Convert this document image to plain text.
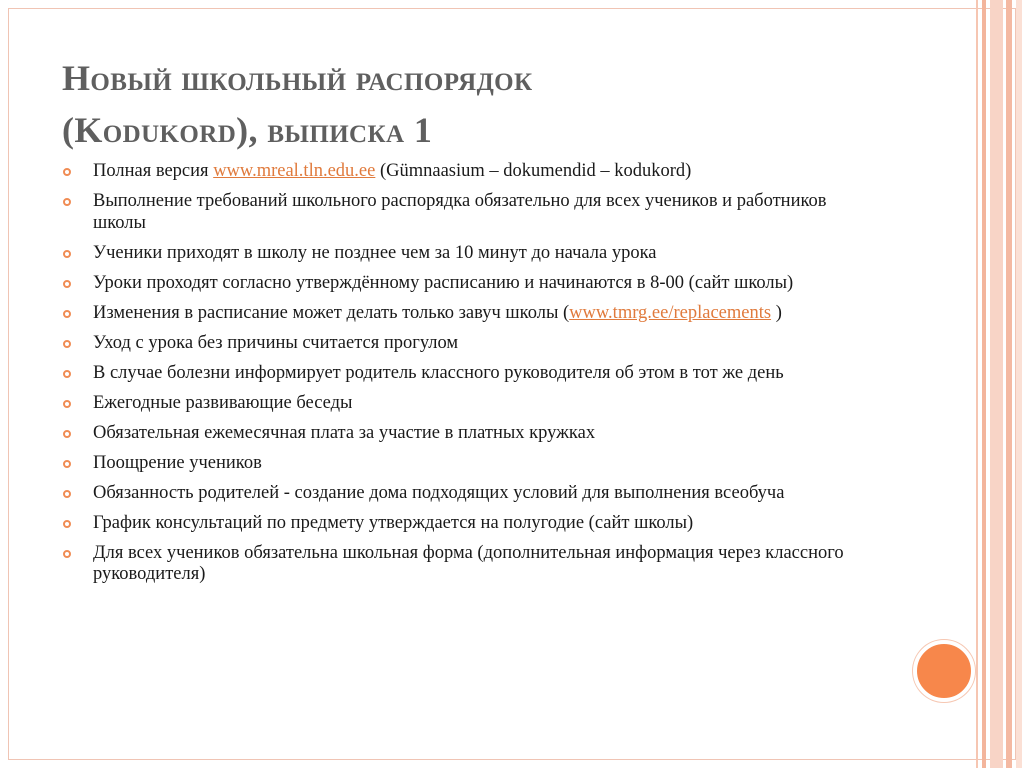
Новый школьный распорядок
(Kodukord), выписка 1
Полная версия www.mreal.tln.edu.ee (Gümnaasium – dokumendid – kodukord)
Выполнение требований школьного распорядка обязательно для всех учеников и работников школы
Ученики приходят в школу не позднее чем за 10 минут до начала урока
Уроки проходят согласно утверждённому расписанию и начинаются в 8-00 (сайт школы)
Изменения в расписание может делать только завуч школы (www.tmrg.ee/replacements )
Уход с урока без причины считается прогулом
В случае болезни информирует родитель классного руководителя об этом в тот же день
Ежегодные развивающие беседы
Обязательная ежемесячная плата за участие в платных кружках
Поощрение учеников
Обязанность родителей - создание дома подходящих условий для выполнения всеобуча
График консультаций по предмету утверждается на полугодие (сайт школы)
Для всех учеников обязательна школьная форма (дополнительная информация через классного руководителя)
